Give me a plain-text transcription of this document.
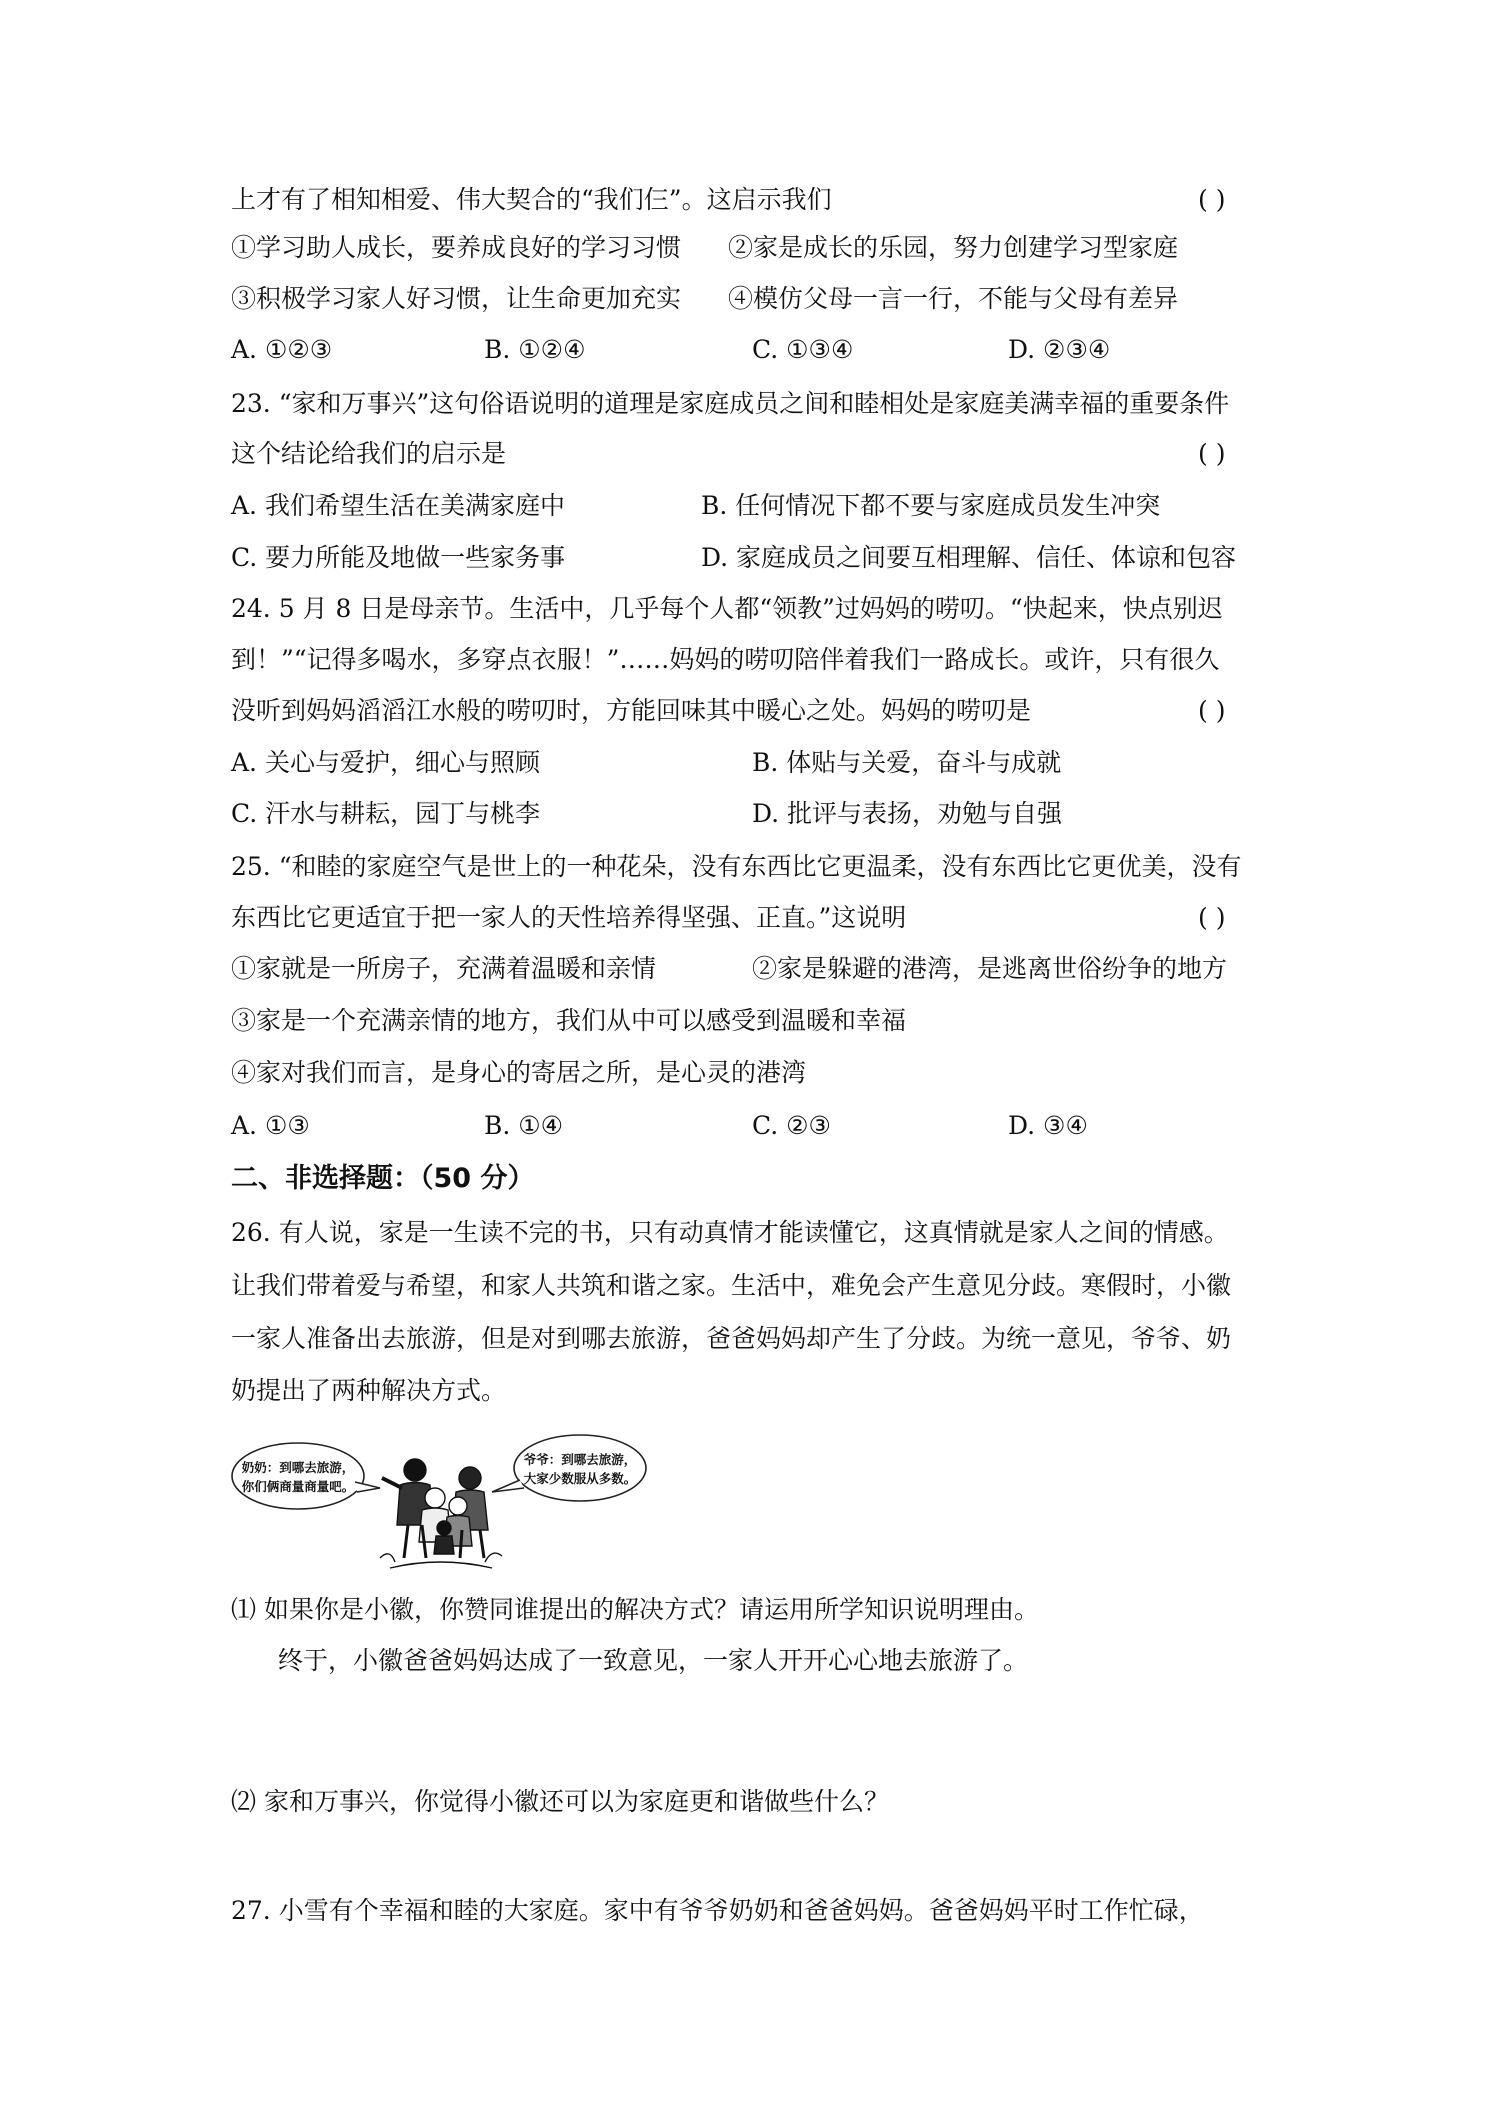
上才有了相知相爱、伟大契合的“我们仨”。这启示我们	( )
①学习助人成长，要养成良好的学习习惯 ②家是成长的乐园，努力创建学习型家庭
③积极学习家人好习惯，让生命更加充实 ④模仿父母一言一行，不能与父母有差异
A. ①②③	B. ①②④	C. ①③④	D. ②③④
23. “家和万事兴”这句俗语说明的道理是家庭成员之间和睦相处是家庭美满幸福的重要条件
这个结论给我们的启示是	( )
A. 我们希望生活在美满家庭中	B. 任何情况下都不要与家庭成员发生冲突
C. 要力所能及地做一些家务事	D. 家庭成员之间要互相理解、信任、体谅和包容
24. 5 月 8 日是母亲节。生活中，几乎每个人都“领教”过妈妈的唠叨。“快起来，快点别迟
到！”“记得多喝水，多穿点衣服！”……妈妈的唠叨陪伴着我们一路成长。或许，只有很久
没听到妈妈滔滔江水般的唠叨时，方能回味其中暖心之处。妈妈的唠叨是	( )
A. 关心与爱护，细心与照顾	B. 体贴与关爱，奋斗与成就
C. 汗水与耕耘，园丁与桃李	D. 批评与表扬，劝勉与自强
25. “和睦的家庭空气是世上的一种花朵，没有东西比它更温柔，没有东西比它更优美，没有
东西比它更适宜于把一家人的天性培养得坚强、正直。”这说明	( )
①家就是一所房子，充满着温暖和亲情	②家是躲避的港湾，是逃离世俗纷争的地方
③家是一个充满亲情的地方，我们从中可以感受到温暖和幸福
④家对我们而言，是身心的寄居之所，是心灵的港湾
A. ①③	B. ①④	C. ②③	D. ③④
二、非选择题：（50 分）
26. 有人说，家是一生读不完的书，只有动真情才能读懂它，这真情就是家人之间的情感。
让我们带着爱与希望，和家人共筑和谐之家。生活中，难免会产生意见分歧。寒假时，小徽
一家人准备出去旅游，但是对到哪去旅游，爸爸妈妈却产生了分歧。为统一意见，爷爷、奶
奶提出了两种解决方式。
奶奶：到哪去旅游，
你们俩商量商量吧。
爷爷：到哪去旅游，
大家少数服从多数。
⑴ 如果你是小徽，你赞同谁提出的解决方式？请运用所学知识说明理由。
终于，小徽爸爸妈妈达成了一致意见，一家人开开心心地去旅游了。
⑵ 家和万事兴，你觉得小徽还可以为家庭更和谐做些什么？
27. 小雪有个幸福和睦的大家庭。家中有爷爷奶奶和爸爸妈妈。爸爸妈妈平时工作忙碌，
